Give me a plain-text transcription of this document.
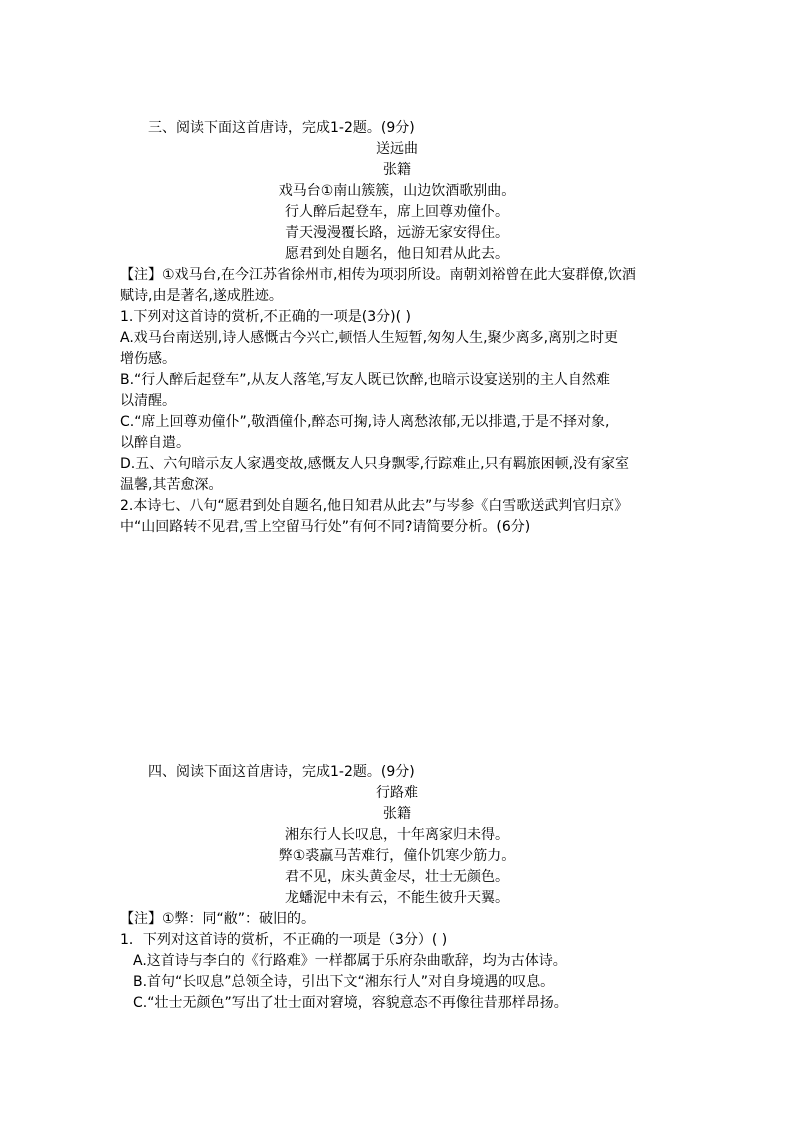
三、阅读下面这首唐诗，完成1-2题。(9分)
送远曲
张籍
戏马台①南山簇簇，山边饮酒歌别曲。
行人醉后起登车，席上回尊劝僮仆。
青天漫漫覆长路，远游无家安得住。
愿君到处自题名，他日知君从此去。
【注】①戏马台,在今江苏省徐州市,相传为项羽所设。南朝刘裕曾在此大宴群僚,饮酒
赋诗,由是著名,遂成胜迹。
1.下列对这首诗的赏析,不正确的一项是(3分)( )
A.戏马台南送别,诗人感慨古今兴亡,顿悟人生短暂,匆匆人生,聚少离多,离别之时更
增伤感。
B.“行人醉后起登车”,从友人落笔,写友人既已饮醉,也暗示设宴送别的主人自然难
以清醒。
C.“席上回尊劝僮仆”,敬酒僮仆,醉态可掬,诗人离愁浓郁,无以排遣,于是不择对象,
以醉自遣。
D.五、六句暗示友人家遇变故,感慨友人只身飘零,行踪难止,只有羁旅困顿,没有家室
温馨,其苦愈深。
2.本诗七、八句“愿君到处自题名,他日知君从此去”与岑参《白雪歌送武判官归京》
中“山回路转不见君,雪上空留马行处”有何不同?请简要分析。(6分)
四、阅读下面这首唐诗，完成1-2题。(9分)
行路难
张籍
湘东行人长叹息，十年离家归未得。
弊①裘羸马苦难行，僮仆饥寒少筋力。
君不见，床头黄金尽，壮士无颜色。
龙蟠泥中未有云，不能生彼升天翼。
【注】①弊：同“敝”：破旧的。
1．下列对这首诗的赏析，不正确的一项是（3分）( )
A.这首诗与李白的《行路难》一样都属于乐府杂曲歌辞，均为古体诗。
B.首句“长叹息”总领全诗，引出下文“湘东行人”对自身境遇的叹息。
C.“壮士无颜色”写出了壮士面对窘境，容貌意态不再像往昔那样昂扬。
